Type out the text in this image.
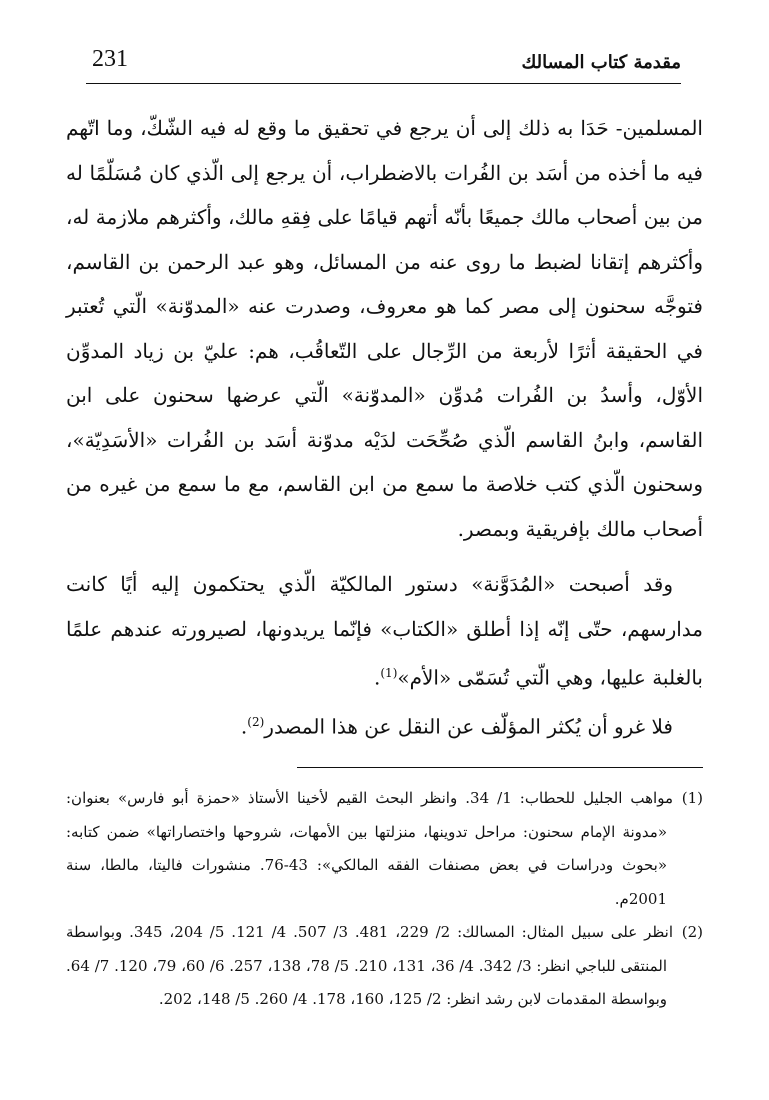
231	مقدمة كتاب المسالك

المسلمين- حَدَا به ذلك إلى أن يرجع في تحقيق ما وقع له فيه الشّكّ، وما اتّهم فيه ما أخذه من أسَد بن الفُرات بالاضطراب، أن يرجع إلى الّذي كان مُسَلّمًا له من بين أصحاب مالك جميعًا بأنّه أتهم قيامًا على فِقهِ مالك، وأكثرهم ملازمة له، وأكثرهم إتقانا لضبط ما روى عنه من المسائل، وهو عبد الرحمن بن القاسم، فتوجَّه سحنون إلى مصر كما هو معروف، وصدرت عنه «المدوّنة» الّتي تُعتبر في الحقيقة أثرًا لأربعة من الرِّجال على التّعاقُب، هم: عليّ بن زياد المدوِّن الأوّل، وأسدُ بن الفُرات مُدوِّن «المدوّنة» الّتي عرضها سحنون على ابن القاسم، وابنُ القاسم الّذي صُحِّحَت لدَيْه مدوّنة أسَد بن الفُرات «الأسَدِيّة»، وسحنون الّذي كتب خلاصة ما سمع من ابن القاسم، مع ما سمع من غيره من أصحاب مالك بإفريقية وبمصر.

وقد أصبحت «المُدَوَّنة» دستور المالكيّة الّذي يحتكمون إليه أيًا كانت مدارسهم، حتّى إنّه إذا أطلق «الكتاب» فإنّما يريدونها، لصيرورته عندهم علمًا بالغلبة عليها، وهي الّتي تُسَمّى «الأم»$^{(1)}$.

فلا غرو أن يُكثر المؤلّف عن النقل عن هذا المصدر$^{(2)}$.

(1)مواهب الجليل للحطاب: 1/ 34. وانظر البحث القيم لأخينا الأستاذ «حمزة أبو فارس» بعنوان: «مدونة الإمام سحنون: مراحل تدوينها، منزلتها بين الأمهات، شروحها واختصاراتها» ضمن كتابه: «بحوث ودراسات في بعض مصنفات الفقه المالكي»: 43-76. منشورات فاليتا، مالطا، سنة 2001م.

(2)انظر على سبيل المثال: المسالك: 2/ 229، 481. 3/ 507. 4/ 121. 5/ 204، 345. وبواسطة المنتقى للباجي انظر: 3/ 342. 4/ 36، 131، 210. 5/ 78، 138، 257. 6/ 60، 79، 120. 7/ 64. وبواسطة المقدمات لابن رشد انظر: 2/ 125، 160، 178. 4/ 260. 5/ 148، 202.
